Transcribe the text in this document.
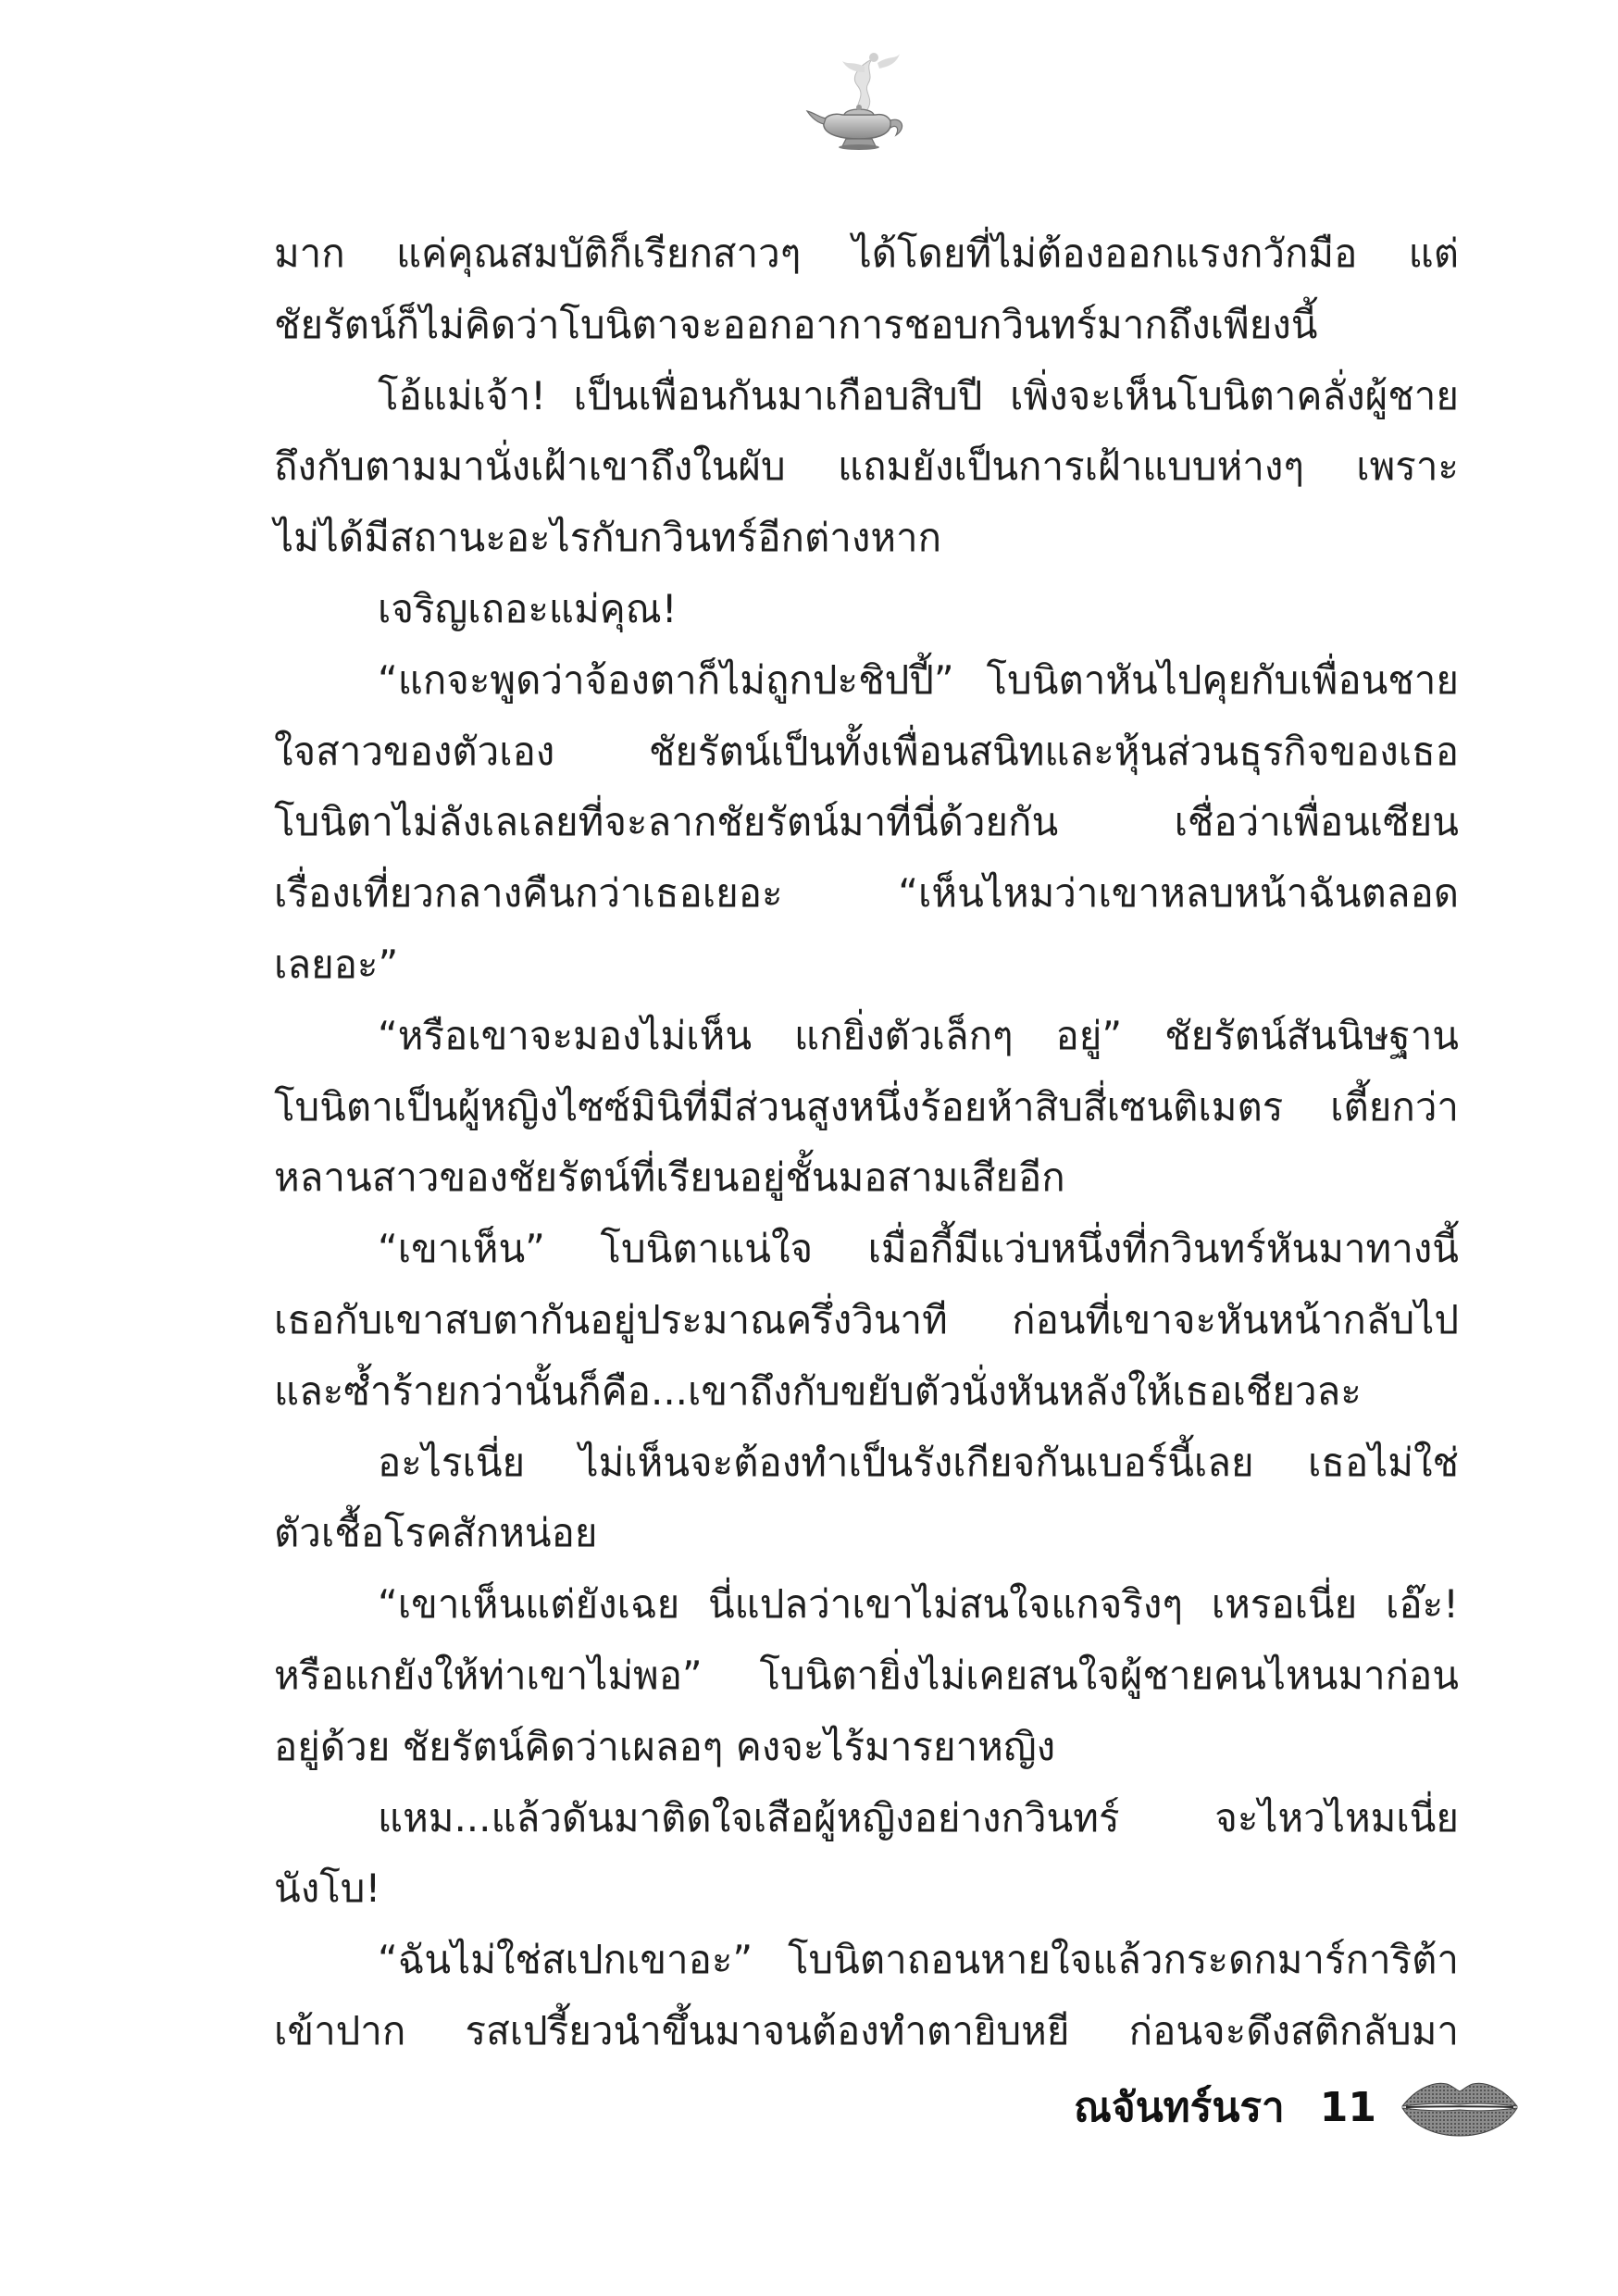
มาก แค่คุณสมบัติก็เรียกสาวๆ ได้โดยที่ไม่ต้องออกแรงกวักมือ แต่
ชัยรัตน์ก็ไม่คิดว่าโบนิตาจะออกอาการชอบกวินทร์มากถึงเพียงนี้
โอ้แม่เจ้า! เป็นเพื่อนกันมาเกือบสิบปี เพิ่งจะเห็นโบนิตาคลั่งผู้ชาย
ถึงกับตามมานั่งเฝ้าเขาถึงในผับ แถมยังเป็นการเฝ้าแบบห่างๆ เพราะ
ไม่ได้มีสถานะอะไรกับกวินทร์อีกต่างหาก
เจริญเถอะแม่คุณ!
“แกจะพูดว่าจ้องตาก็ไม่ถูกปะชิปปี้” โบนิตาหันไปคุยกับเพื่อนชาย
ใจสาวของตัวเอง ชัยรัตน์เป็นทั้งเพื่อนสนิทและหุ้นส่วนธุรกิจของเธอ
โบนิตาไม่ลังเลเลยที่จะลากชัยรัตน์มาที่นี่ด้วยกัน เชื่อว่าเพื่อนเซียน
เรื่องเที่ยวกลางคืนกว่าเธอเยอะ “เห็นไหมว่าเขาหลบหน้าฉันตลอด
เลยอะ”
“หรือเขาจะมองไม่เห็น แกยิ่งตัวเล็กๆ อยู่” ชัยรัตน์สันนิษฐาน
โบนิตาเป็นผู้หญิงไซซ์มินิที่มีส่วนสูงหนึ่งร้อยห้าสิบสี่เซนติเมตร เตี้ยกว่า
หลานสาวของชัยรัตน์ที่เรียนอยู่ชั้นมอสามเสียอีก
“เขาเห็น” โบนิตาแน่ใจ เมื่อกี้มีแว่บหนึ่งที่กวินทร์หันมาทางนี้
เธอกับเขาสบตากันอยู่ประมาณครึ่งวินาที ก่อนที่เขาจะหันหน้ากลับไป
และซ้ำร้ายกว่านั้นก็คือ...เขาถึงกับขยับตัวนั่งหันหลังให้เธอเชียวละ
อะไรเนี่ย ไม่เห็นจะต้องทำเป็นรังเกียจกันเบอร์นี้เลย เธอไม่ใช่
ตัวเชื้อโรคสักหน่อย
“เขาเห็นแต่ยังเฉย นี่แปลว่าเขาไม่สนใจแกจริงๆ เหรอเนี่ย เอ๊ะ!
หรือแกยังให้ท่าเขาไม่พอ” โบนิตายิ่งไม่เคยสนใจผู้ชายคนไหนมาก่อน
อยู่ด้วย ชัยรัตน์คิดว่าเผลอๆ คงจะไร้มารยาหญิง
แหม...แล้วดันมาติดใจเสือผู้หญิงอย่างกวินทร์ จะไหวไหมเนี่ย
นังโบ!
“ฉันไม่ใช่สเปกเขาอะ” โบนิตาถอนหายใจแล้วกระดกมาร์การิต้า
เข้าปาก รสเปรี้ยวนำขึ้นมาจนต้องทำตายิบหยี ก่อนจะดึงสติกลับมา
ณจันทร์นรา 11
